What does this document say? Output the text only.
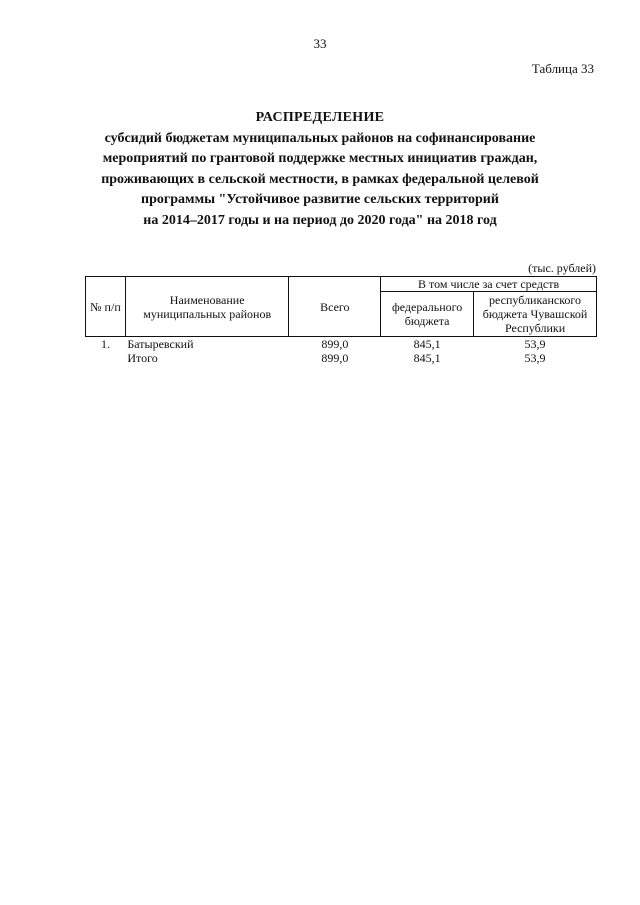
33
Таблица 33
РАСПРЕДЕЛЕНИЕ
субсидий бюджетам муниципальных районов на софинансирование
мероприятий по грантовой поддержке местных инициатив граждан,
проживающих в сельской местности, в рамках федеральной целевой
программы "Устойчивое развитие сельских территорий
на 2014–2017 годы и на период до 2020 года" на 2018 год
(тыс. рублей)
№ п/п	Наименование муниципальных районов	Всего	В том числе за счет средств	
			федерального бюджета	республиканского бюджета Чувашской Республики
1.	Батыревский	899,0	845,1	53,9
	Итого	899,0	845,1	53,9
